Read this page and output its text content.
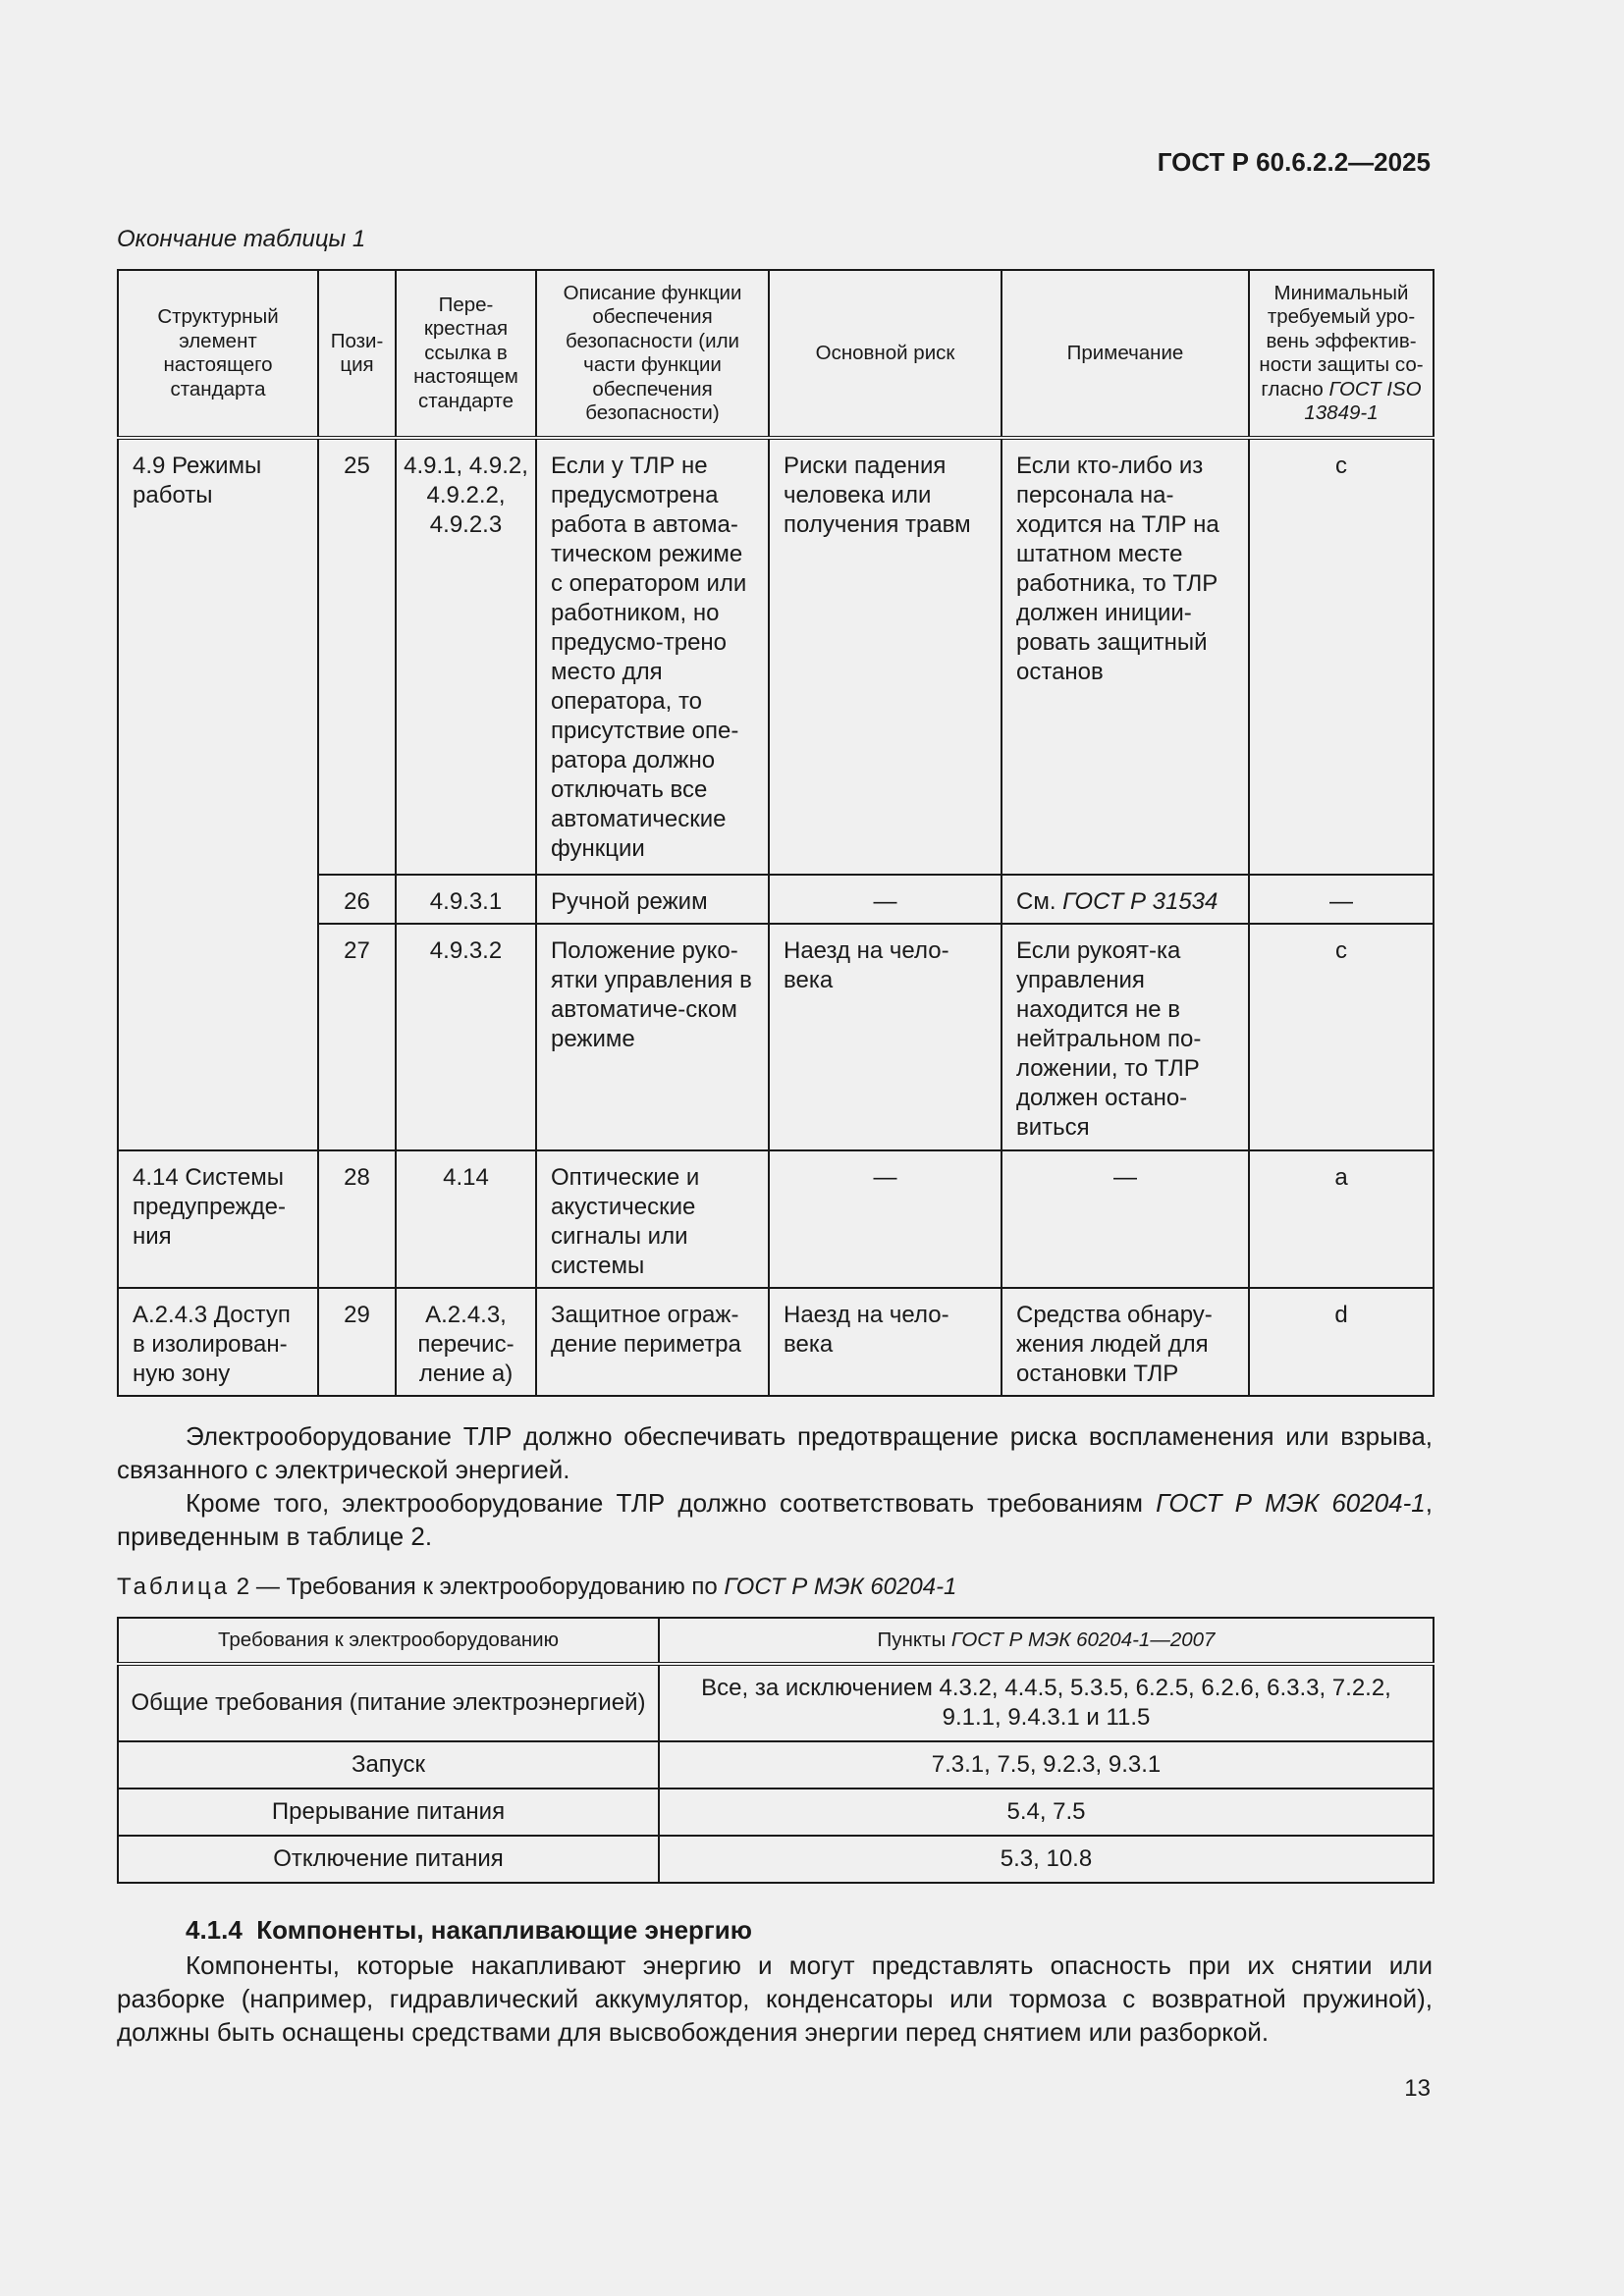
ГОСТ Р 60.6.2.2—2025
Окончание таблицы 1
Структурный элемент настоящего стандарта	Пози-ция	Пере-крестная ссылка в настоящем стандарте	Описание функции обеспечения безопасности (или части функции обеспечения безопасности)	Основной риск	Примечание	Минимальный требуемый уро-вень эффектив-ности защиты со-гласно ГОСТ ISO 13849-1
4.9 Режимы работы	25	4.9.1, 4.9.2, 4.9.2.2, 4.9.2.3	Если у ТЛР не предусмотрена работа в автома-тическом режиме с оператором или работником, но предусмо-трено место для оператора, то присутствие опе-ратора должно отключать все автоматические функции	Риски падения человека или получения травм	Если кто-либо из персонала на-ходится на ТЛР на штатном месте работника, то ТЛР должен иниции-ровать защитный останов	c
	26	4.9.3.1	Ручной режим	—	См. ГОСТ Р 31534	—
	27	4.9.3.2	Положение руко-ятки управления в автоматиче-ском режиме	Наезд на чело-века	Если рукоят-ка управления находится не в нейтральном по-ложении, то ТЛР должен остано-виться	c
4.14 Системы предупрежде-ния	28	4.14	Оптические и акустические сигналы или системы	—	—	a
А.2.4.3 Доступ в изолирован-ную зону	29	А.2.4.3, перечис-ление а)	Защитное ограж-дение периметра	Наезд на чело-века	Средства обнару-жения людей для остановки ТЛР	d
Электрооборудование ТЛР должно обеспечивать предотвращение риска воспламенения или взрыва, связанного с электрической энергией.
Кроме того, электрооборудование ТЛР должно соответствовать требованиям ГОСТ Р МЭК 60204-1, приведенным в таблице 2.
Таблица 2 — Требования к электрооборудованию по ГОСТ Р МЭК 60204-1
Требования к электрооборудованию	Пункты ГОСТ Р МЭК 60204-1—2007
Общие требования (питание электроэнергией)	Все, за исключением 4.3.2, 4.4.5, 5.3.5, 6.2.5, 6.2.6, 6.3.3, 7.2.2, 9.1.1, 9.4.3.1 и 11.5
Запуск	7.3.1, 7.5, 9.2.3, 9.3.1
Прерывание питания	5.4, 7.5
Отключение питания	5.3, 10.8
4.1.4 Компоненты, накапливающие энергию
Компоненты, которые накапливают энергию и могут представлять опасность при их снятии или разборке (например, гидравлический аккумулятор, конденсаторы или тормоза с возвратной пружиной), должны быть оснащены средствами для высвобождения энергии перед снятием или разборкой.
13
